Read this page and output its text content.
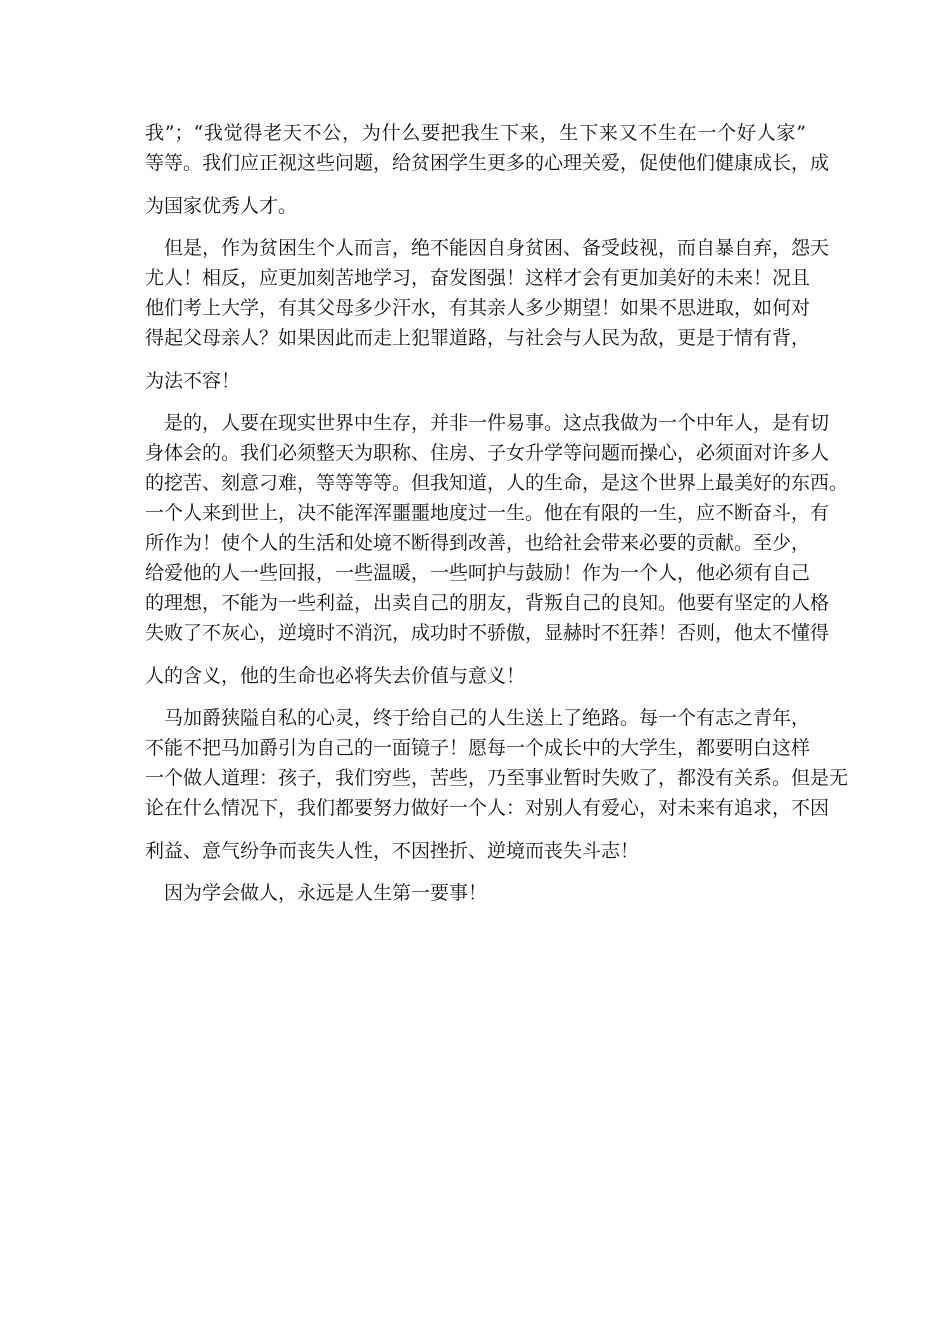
我”；“我觉得老天不公，为什么要把我生下来，生下来又不生在一个好人家”
等等。我们应正视这些问题，给贫困学生更多的心理关爱，促使他们健康成长，成
为国家优秀人才。

　但是，作为贫困生个人而言，绝不能因自身贫困、备受歧视，而自暴自弃，怨天
尤人！相反，应更加刻苦地学习，奋发图强！这样才会有更加美好的未来！况且
他们考上大学，有其父母多少汗水，有其亲人多少期望！如果不思进取，如何对
得起父母亲人？如果因此而走上犯罪道路，与社会与人民为敌，更是于情有背，
为法不容！

　是的，人要在现实世界中生存，并非一件易事。这点我做为一个中年人，是有切
身体会的。我们必须整天为职称、住房、子女升学等问题而操心，必须面对许多人
的挖苦、刻意刁难，等等等等。但我知道，人的生命，是这个世界上最美好的东西。
一个人来到世上，决不能浑浑噩噩地度过一生。他在有限的一生，应不断奋斗，有
所作为！使个人的生活和处境不断得到改善，也给社会带来必要的贡献。至少，
给爱他的人一些回报，一些温暖，一些呵护与鼓励！作为一个人，他必须有自己
的理想，不能为一些利益，出卖自己的朋友，背叛自己的良知。他要有坚定的人格
失败了不灰心，逆境时不消沉，成功时不骄傲，显赫时不狂莽！否则，他太不懂得
人的含义，他的生命也必将失去价值与意义！

　马加爵狭隘自私的心灵，终于给自己的人生送上了绝路。每一个有志之青年，
不能不把马加爵引为自己的一面镜子！愿每一个成长中的大学生，都要明白这样
一个做人道理：孩子，我们穷些，苦些，乃至事业暂时失败了，都没有关系。但是无
论在什么情况下，我们都要努力做好一个人：对别人有爱心，对未来有追求，不因
利益、意气纷争而丧失人性，不因挫折、逆境而丧失斗志！

　因为学会做人，永远是人生第一要事！
